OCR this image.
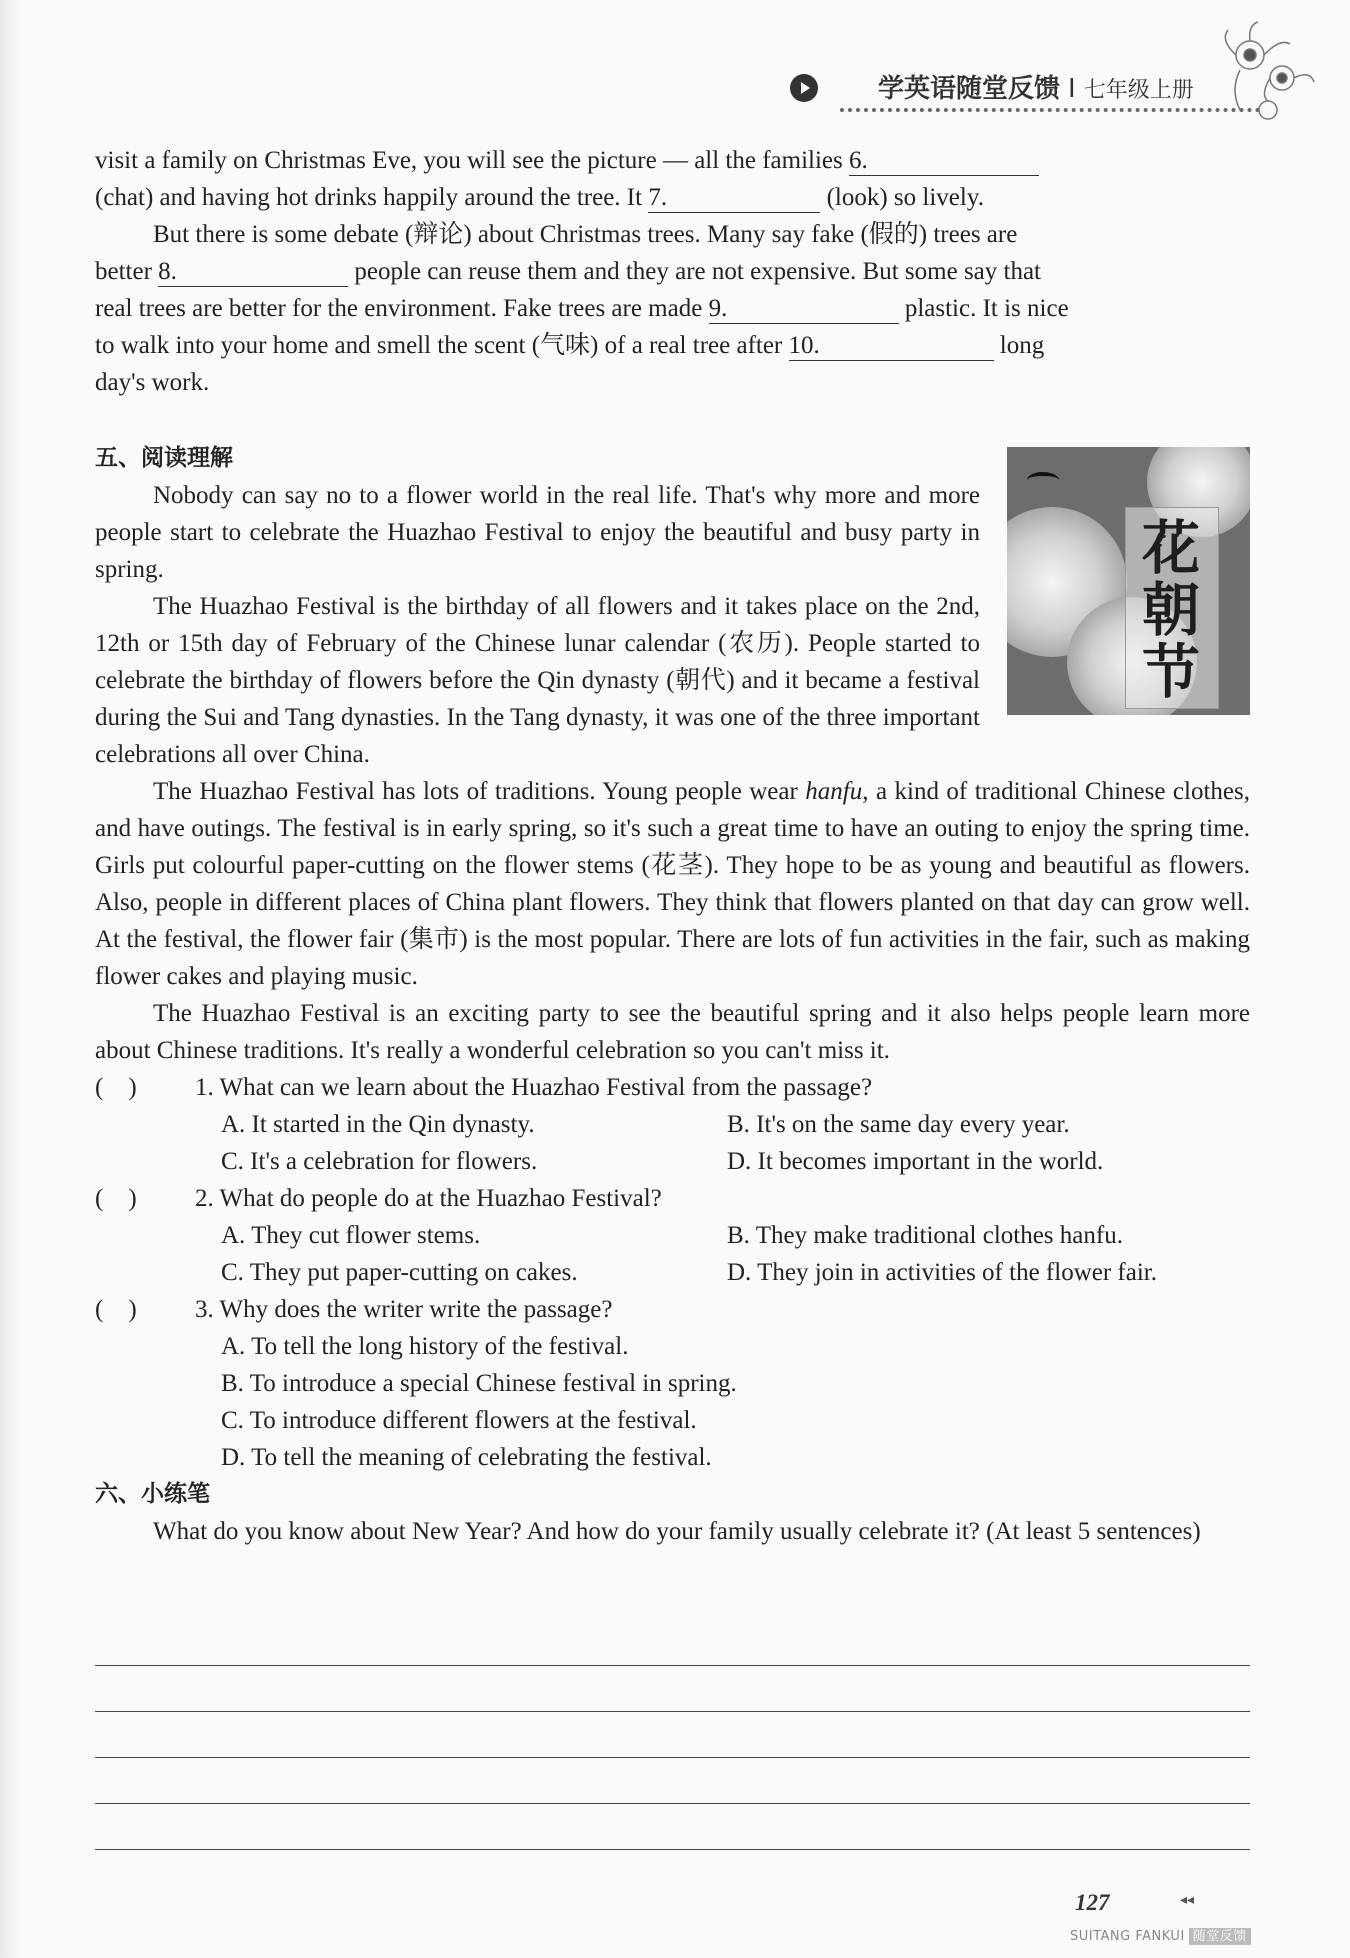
学英语随堂反馈 I 七年级上册

visit a family on Christmas Eve, you will see the picture — all the families 6.

(chat) and having hot drinks happily around the tree. It 7.	(look) so lively.

But there is some debate (辩论) about Christmas trees. Many say fake (假的) trees are

better 8.	people can reuse them and they are not expensive. But some say that

real trees are better for the environment. Fake trees are made 9.	plastic. It is nice

to walk into your home and smell the scent (气味) of a real tree after 10.	long

day's work.

五、阅读理解

Nobody can say no to a flower world in the real life. That's why more and more people start to celebrate the Huazhao Festival to enjoy the beautiful and busy party in spring.

The Huazhao Festival is the birthday of all flowers and it takes place on the 2nd, 12th or 15th day of February of the Chinese lunar calendar (农历). People started to celebrate the birthday of flowers before the Qin dynasty (朝代) and it became a festival during the Sui and Tang dynasties. In the Tang dynasty, it was one of the three important celebrations all over China.

The Huazhao Festival has lots of traditions. Young people wear hanfu, a kind of traditional Chinese clothes, and have outings. The festival is in early spring, so it's such a great time to have an outing to enjoy the spring time. Girls put colourful paper-cutting on the flower stems (花茎). They hope to be as young and beautiful as flowers. Also, people in different places of China plant flowers. They think that flowers planted on that day can grow well. At the festival, the flower fair (集市) is the most popular. There are lots of fun activities in the fair, such as making flower cakes and playing music.

The Huazhao Festival is an exciting party to see the beautiful spring and it also helps people learn more about Chinese traditions. It's really a wonderful celebration so you can't miss it.

(    )	1. What can we learn about the Huazhao Festival from the passage?
A. It started in the Qin dynasty.	B. It's on the same day every year.
C. It's a celebration for flowers.	D. It becomes important in the world.
(    )	2. What do people do at the Huazhao Festival?
A. They cut flower stems.	B. They make traditional clothes hanfu.
C. They put paper-cutting on cakes.	D. They join in activities of the flower fair.
(    )	3. Why does the writer write the passage?
A. To tell the long history of the festival.
B. To introduce a special Chinese festival in spring.
C. To introduce different flowers at the festival.
D. To tell the meaning of celebrating the festival.
六、小练笔

What do you know about New Year? And how do your family usually celebrate it? (At least 5 sentences)

花朝节
127	◂◂
SUITANG FANKUI 随堂反馈
